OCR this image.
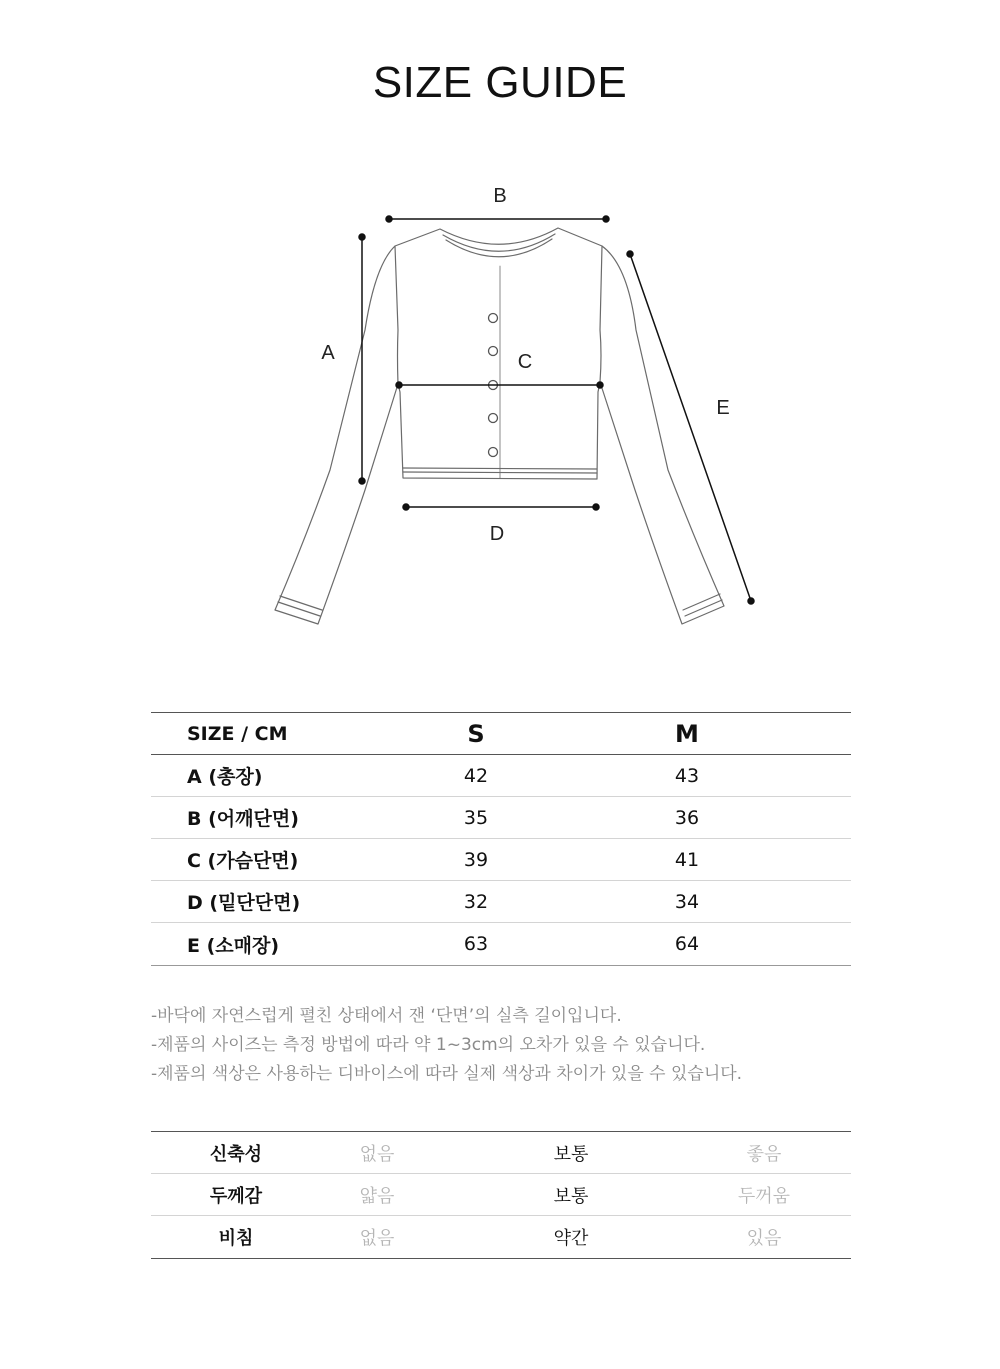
SIZE GUIDE
B
A	C
E
D
SIZE / CM	S	M
A (총장)	42	43
B (어깨단면)	35	36
C (가슴단면)	39	41
D (밑단단면)	32	34
E (소매장)	63	64

-바닥에 자연스럽게 펼친 상태에서 잰 ‘단면’의 실측 길이입니다.

-제품의 사이즈는 측정 방법에 따라 약 1~3cm의 오차가 있을 수 있습니다.

-제품의 색상은 사용하는 디바이스에 따라 실제 색상과 차이가 있을 수 있습니다.

신축성	없음	보통	좋음
두께감	얇음	보통	두꺼움
비침	없음	약간	있음
